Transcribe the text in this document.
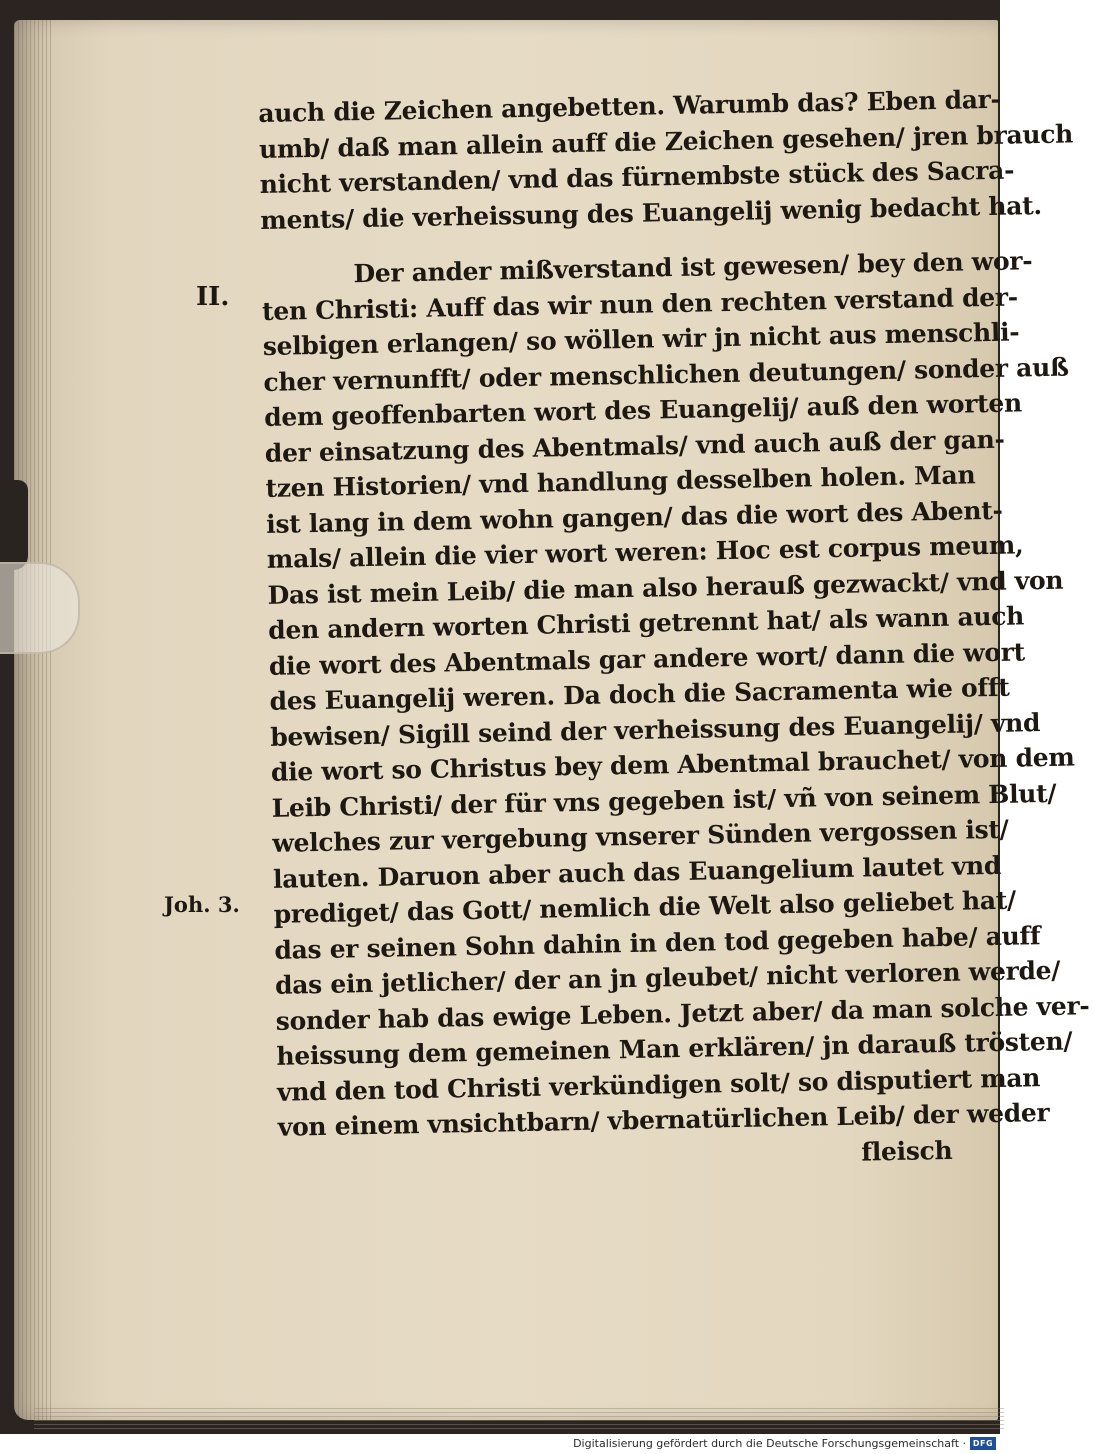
II.
Joh. 3.
auch die Zeichen angebetten. Warumb das? Eben dar-
umb/ daß man allein auff die Zeichen gesehen/ jren brauch
nicht verstanden/ vnd das fürnembste stück des Sacra-
ments/ die verheissung des Euangelij wenig bedacht hat.
Der ander mißverstand ist gewesen/ bey den wor-
ten Christi: Auff das wir nun den rechten verstand der-
selbigen erlangen/ so wöllen wir jn nicht aus menschli-
cher vernunfft/ oder menschlichen deutungen/ sonder auß
dem geoffenbarten wort des Euangelij/ auß den worten
der einsatzung des Abentmals/ vnd auch auß der gan-
tzen Historien/ vnd handlung desselben holen. Man
ist lang in dem wohn gangen/ das die wort des Abent-
mals/ allein die vier wort weren: Hoc est corpus meum,
Das ist mein Leib/ die man also herauß gezwackt/ vnd von
den andern worten Christi getrennt hat/ als wann auch
die wort des Abentmals gar andere wort/ dann die wort
des Euangelij weren. Da doch die Sacramenta wie offt
bewisen/ Sigill seind der verheissung des Euangelij/ vnd
die wort so Christus bey dem Abentmal brauchet/ von dem
Leib Christi/ der für vns gegeben ist/ vñ von seinem Blut/
welches zur vergebung vnserer Sünden vergossen ist/
lauten. Daruon aber auch das Euangelium lautet vnd
prediget/ das Gott/ nemlich die Welt also geliebet hat/
das er seinen Sohn dahin in den tod gegeben habe/ auff
das ein jetlicher/ der an jn gleubet/ nicht verloren werde/
sonder hab das ewige Leben. Jetzt aber/ da man solche ver-
heissung dem gemeinen Man erklären/ jn darauß trösten/
vnd den tod Christi verkündigen solt/ so disputiert man
von einem vnsichtbarn/ vbernatürlichen Leib/ der weder
fleisch
Digitalisierung gefördert durch die Deutsche Forschungsgemeinschaft · DFG
